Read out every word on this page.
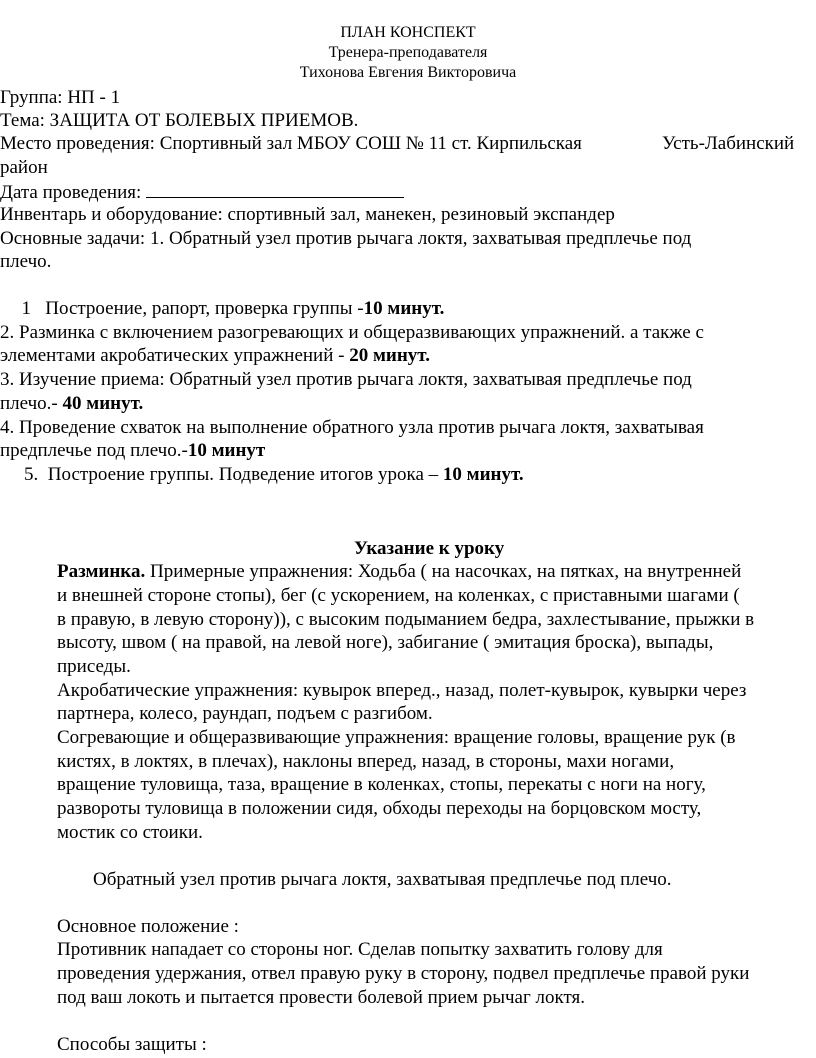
ПЛАН КОНСПЕКТ
Тренера-преподавателя
Тихонова Евгения Викторовича
Группа: НП - 1
Тема: ЗАЩИТА ОТ БОЛЕВЫХ ПРИЕМОВ.
Место проведения: Спортивный зал МБОУ СОШ № 11 ст. Кирпильская	Усть-Лабинский
район
Дата проведения:
Инвентарь и оборудование: спортивный зал, манекен, резиновый экспандер
Основные задачи: 1. Обратный узел против рычага локтя, захватывая предплечье под
плечо.
1   Построение, рапорт, проверка группы -10 минут.
2. Разминка с включением разогревающих и общеразвивающих упражнений. а также с
элементами акробатических упражнений - 20 минут.
3. Изучение приема: Обратный узел против рычага локтя, захватывая предплечье под
плечо.- 40 минут.
4. Проведение схваток на выполнение обратного узла против рычага локтя, захватывая
предплечье под плечо.-10 минут
5.  Построение группы. Подведение итогов урока – 10 минут.
Указание к уроку
Разминка. Примерные упражнения: Ходьба ( на насочках, на пятках, на внутренней
и внешней стороне стопы), бег (с ускорением, на коленках, с приставными шагами (
в правую, в левую сторону)), с высоким подыманием бедра, захлестывание, прыжки в
высоту, швом ( на правой, на левой ноге), забигание ( эмитация броска), выпады,
приседы.
Акробатические упражнения: кувырок вперед., назад, полет-кувырок, кувырки через
партнера, колесо, раундап, подъем с разгибом.
Согревающие и общеразвивающие упражнения: вращение головы, вращение рук (в
кистях, в локтях, в плечах), наклоны вперед, назад, в стороны, махи ногами,
вращение туловища, таза, вращение в коленках, стопы, перекаты с ноги на ногу,
развороты туловища в положении сидя, обходы переходы на борцовском мосту,
мостик со стоики.
Обратный узел против рычага локтя, захватывая предплечье под плечо.
Основное положение :
Противник нападает со стороны ног. Сделав попытку захватить голову для
проведения удержания, отвел правую руку в сторону, подвел предплечье правой руки
под ваш локоть и пытается провести болевой прием рычаг локтя.
Способы защиты :
